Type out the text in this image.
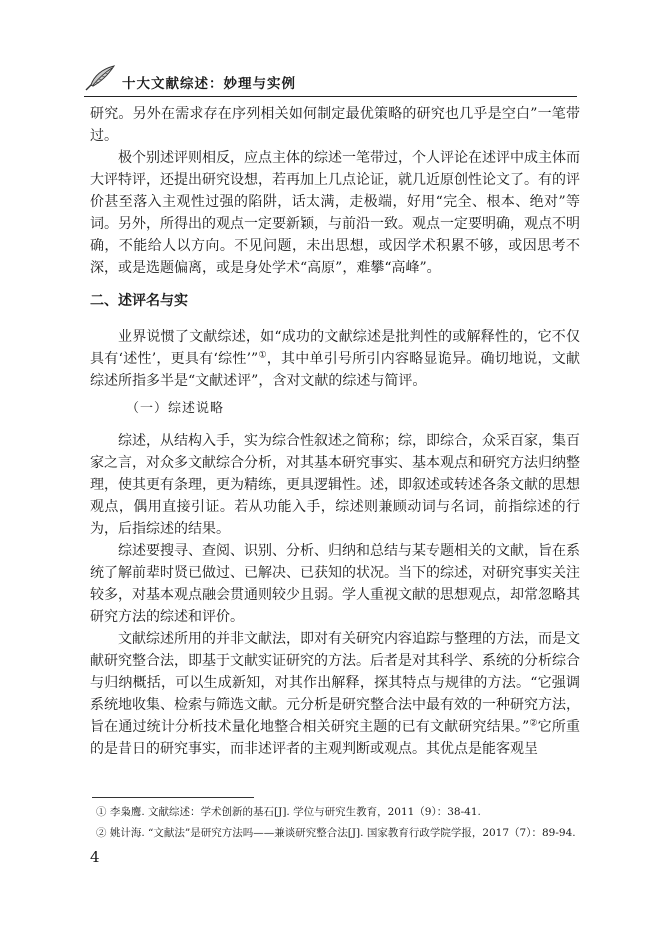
十大文献综述：妙理与实例

研究。另外在需求存在序列相关如何制定最优策略的研究也几乎是空白”一笔带过。

极个别述评则相反，应点主体的综述一笔带过，个人评论在述评中成主体而大评特评，还提出研究设想，若再加上几点论证，就几近原创性论文了。有的评价甚至落入主观性过强的陷阱，话太满，走极端，好用“完全、根本、绝对”等词。另外，所得出的观点一定要新颖，与前沿一致。观点一定要明确，观点不明确，不能给人以方向。不见问题，未出思想，或因学术积累不够，或因思考不深，或是选题偏离，或是身处学术“高原”，难攀“高峰”。

二、述评名与实

业界说惯了文献综述，如“成功的文献综述是批判性的或解释性的，它不仅具有‘述性’，更具有‘综性’”①，其中单引号所引内容略显诡异。确切地说，文献综述所指多半是“文献述评”，含对文献的综述与简评。

（一）综述说略

综述，从结构入手，实为综合性叙述之简称；综，即综合，众采百家，集百家之言，对众多文献综合分析，对其基本研究事实、基本观点和研究方法归纳整理，使其更有条理，更为精练，更具逻辑性。述，即叙述或转述各条文献的思想观点，偶用直接引证。若从功能入手，综述则兼顾动词与名词，前指综述的行为，后指综述的结果。

综述要搜寻、查阅、识别、分析、归纳和总结与某专题相关的文献，旨在系统了解前辈时贤已做过、已解决、已获知的状况。当下的综述，对研究事实关注较多，对基本观点融会贯通则较少且弱。学人重视文献的思想观点，却常忽略其研究方法的综述和评价。

文献综述所用的并非文献法，即对有关研究内容追踪与整理的方法，而是文献研究整合法，即基于文献实证研究的方法。后者是对其科学、系统的分析综合与归纳概括，可以生成新知，对其作出解释，探其特点与规律的方法。“它强调系统地收集、检索与筛选文献。元分析是研究整合法中最有效的一种研究方法，旨在通过统计分析技术量化地整合相关研究主题的已有文献研究结果。”②它所重的是昔日的研究事实，而非述评者的主观判断或观点。其优点是能客观呈

① 李枭鹰. 文献综述：学术创新的基石[J]. 学位与研究生教育，2011（9）：38-41.

② 姚计海. “文献法”是研究方法吗——兼谈研究整合法[J]. 国家教育行政学院学报，2017（7）：89-94.

4
